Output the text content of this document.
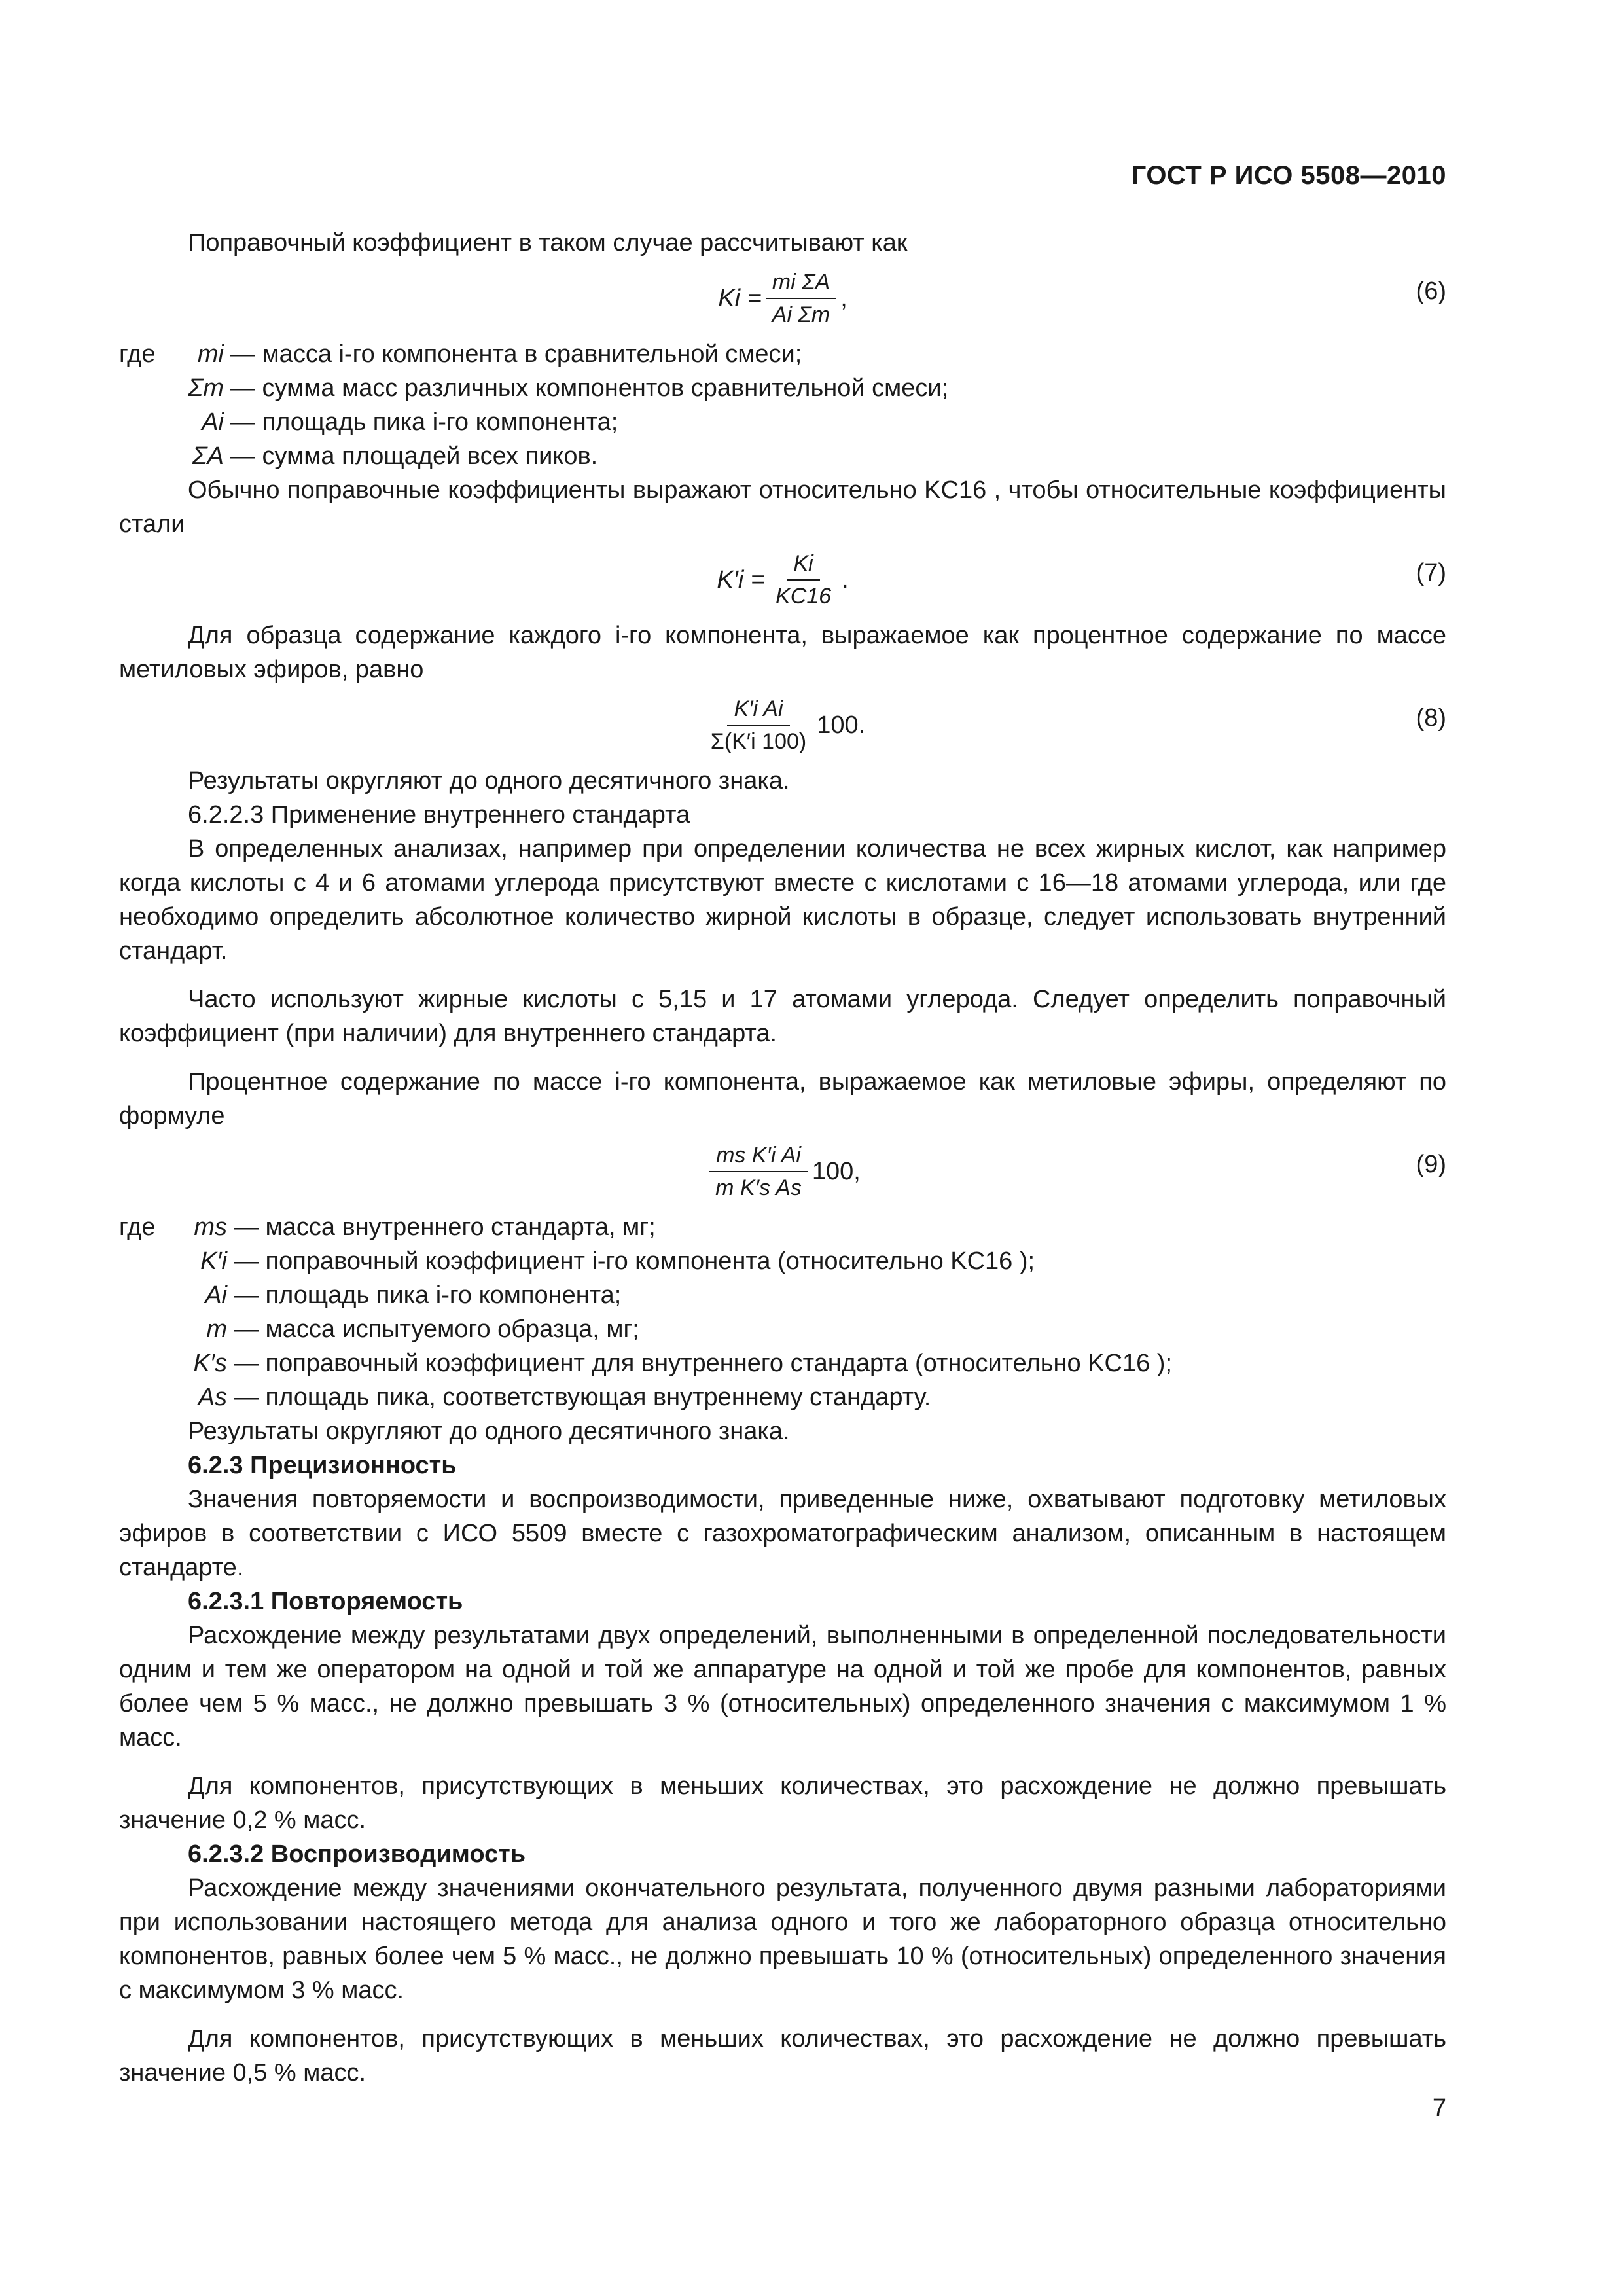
ГОСТ Р ИСО 5508—2010

Поправочный коэффициент в таком случае рассчитывают как

$Ki = \frac{\text{mi ΣA}}{\text{Ai Σm}}$ ,	(6)
где mi — масса i-го компонента в сравнительной смеси;
Σm — сумма масс различных компонентов сравнительной смеси;
Ai — площадь пика i-го компонента;
ΣA — сумма площадей всех пиков.

Обычно поправочные коэффициенты выражают относительно KC16 , чтобы относительные коэффициенты стали

$K'i = \frac{Ki}{KC16}$ .	(7)

Для образца содержание каждого i-го компонента, выражаемое как процентное содержание по массе метиловых эфиров, равно

$\frac{\text{K′i Ai}}{\Sigma(K'i 100)} 100$.	(8)

Результаты округляют до одного десятичного знака.

6.2.2.3 Применение внутреннего стандарта

В определенных анализах, например при определении количества не всех жирных кислот, как например когда кислоты с 4 и 6 атомами углерода присутствуют вместе с кислотами с 16—18 атомами углерода, или где необходимо определить абсолютное количество жирной кислоты в образце, следует использовать внутренний стандарт.

Часто используют жирные кислоты с 5,15 и 17 атомами углерода. Следует определить поправочный коэффициент (при наличии) для внутреннего стандарта.

Процентное содержание по массе i-го компонента, выражаемое как метиловые эфиры, определяют по формуле

$\frac{\text{ms K′i Ai}}{\text{m K′s As}} 100$,	(9)
где ms — масса внутреннего стандарта, мг;
K′i — поправочный коэффициент i-го компонента (относительно KC16 );
Ai — площадь пика i-го компонента;
m — масса испытуемого образца, мг;
K′s — поправочный коэффициент для внутреннего стандарта (относительно KC16 );
As — площадь пика, соответствующая внутреннему стандарту.

Результаты округляют до одного десятичного знака.

6.2.3 Прецизионность

Значения повторяемости и воспроизводимости, приведенные ниже, охватывают подготовку метиловых эфиров в соответствии с ИСО 5509 вместе с газохроматографическим анализом, описанным в настоящем стандарте.

6.2.3.1 Повторяемость

Расхождение между результатами двух определений, выполненными в определенной последовательности одним и тем же оператором на одной и той же аппаратуре на одной и той же пробе для компонентов, равных более чем 5 % масс., не должно превышать 3 % (относительных) определенного значения с максимумом 1 % масс.

Для компонентов, присутствующих в меньших количествах, это расхождение не должно превышать значение 0,2 % масс.

6.2.3.2 Воспроизводимость

Расхождение между значениями окончательного результата, полученного двумя разными лабораториями при использовании настоящего метода для анализа одного и того же лабораторного образца относительно компонентов, равных более чем 5 % масс., не должно превышать 10 % (относительных) определенного значения с максимумом 3 % масс.

Для компонентов, присутствующих в меньших количествах, это расхождение не должно превышать значение 0,5 % масс.

7
